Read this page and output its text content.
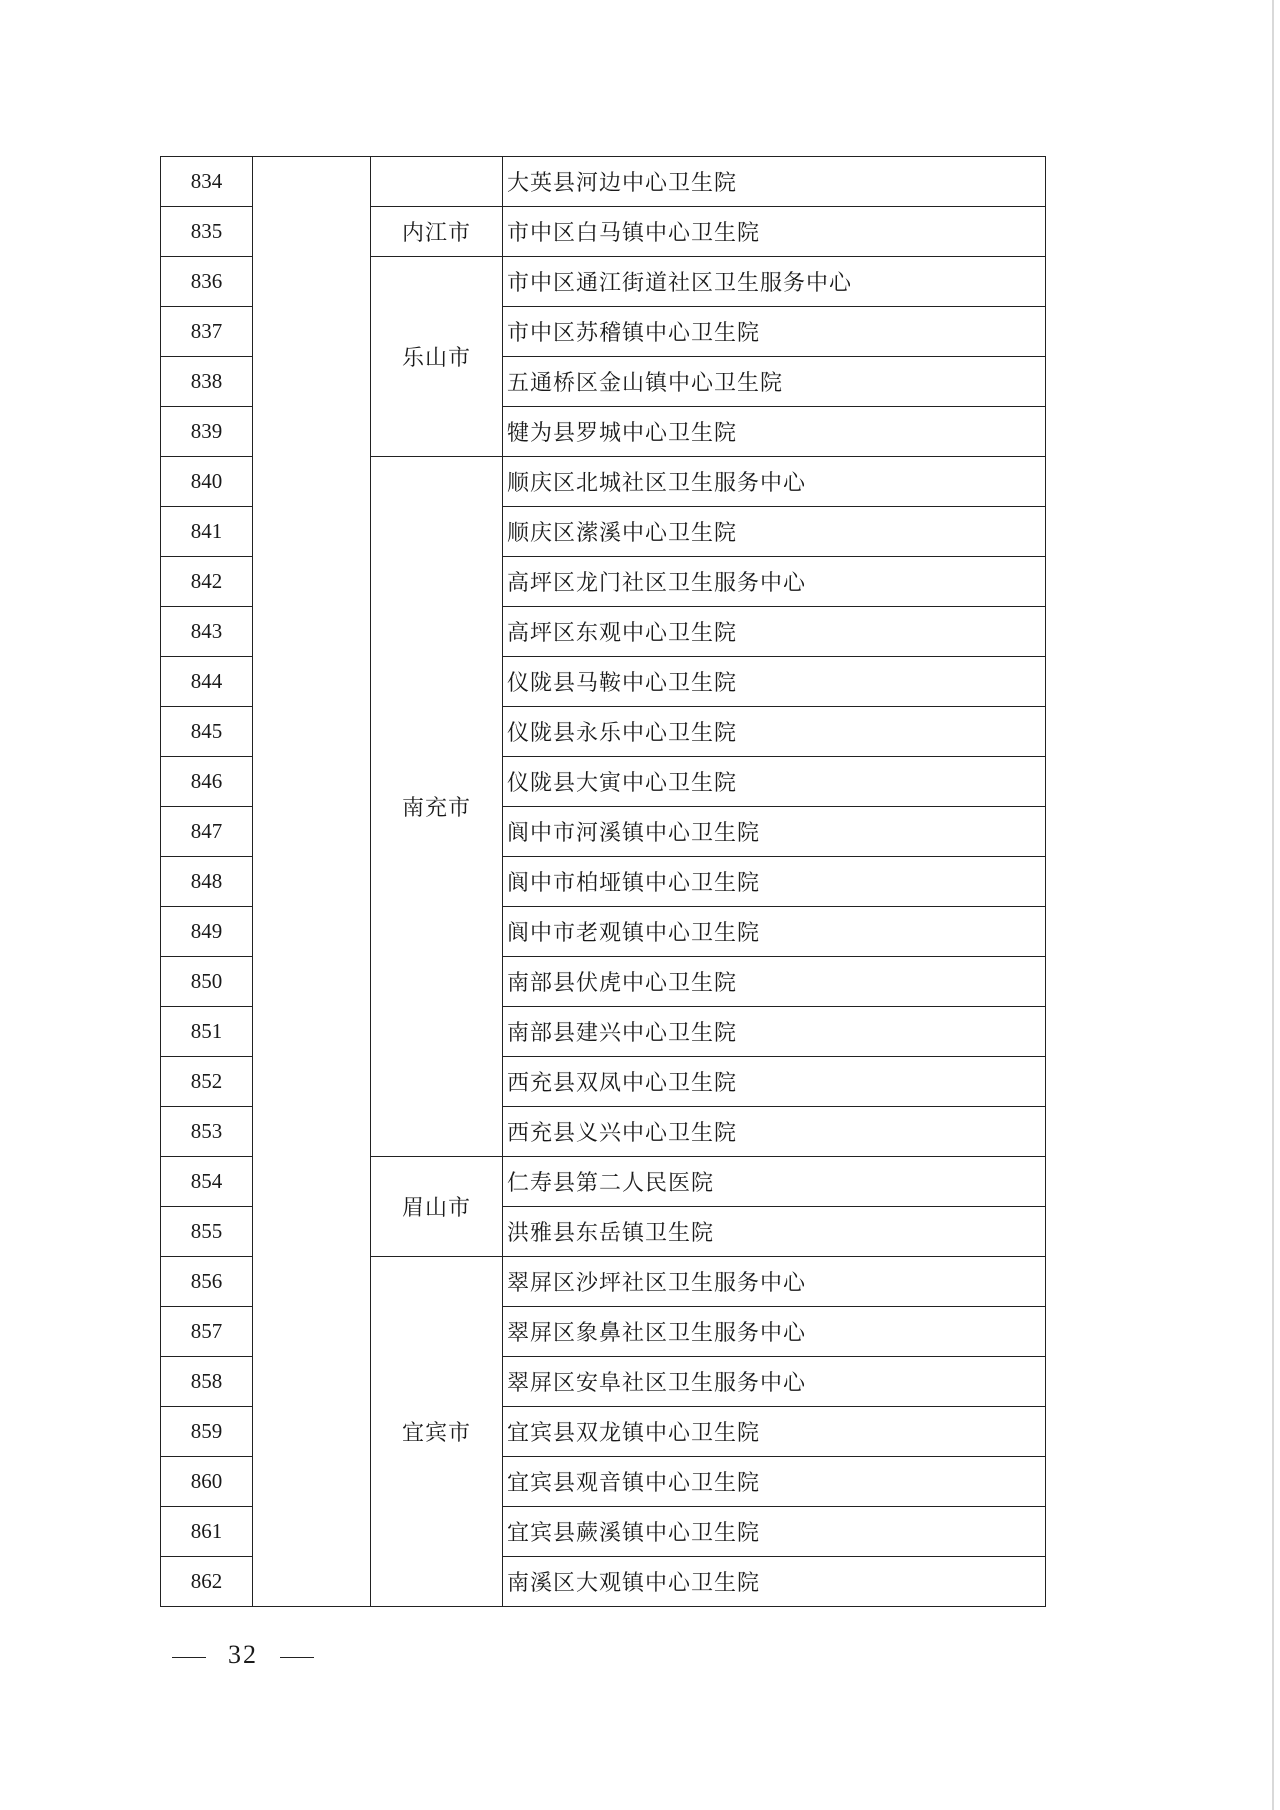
834			大英县河边中心卫生院
835		内江市	市中区白马镇中心卫生院
836		乐山市	市中区通江街道社区卫生服务中心
837			市中区苏稽镇中心卫生院
838			五通桥区金山镇中心卫生院
839			犍为县罗城中心卫生院
840		南充市	顺庆区北城社区卫生服务中心
841			顺庆区潆溪中心卫生院
842			高坪区龙门社区卫生服务中心
843			高坪区东观中心卫生院
844			仪陇县马鞍中心卫生院
845			仪陇县永乐中心卫生院
846			仪陇县大寅中心卫生院
847			阆中市河溪镇中心卫生院
848			阆中市柏垭镇中心卫生院
849			阆中市老观镇中心卫生院
850			南部县伏虎中心卫生院
851			南部县建兴中心卫生院
852			西充县双凤中心卫生院
853			西充县义兴中心卫生院
854		眉山市	仁寿县第二人民医院
855			洪雅县东岳镇卫生院
856		宜宾市	翠屏区沙坪社区卫生服务中心
857			翠屏区象鼻社区卫生服务中心
858			翠屏区安阜社区卫生服务中心
859			宜宾县双龙镇中心卫生院
860			宜宾县观音镇中心卫生院
861			宜宾县蕨溪镇中心卫生院
862			南溪区大观镇中心卫生院
32
